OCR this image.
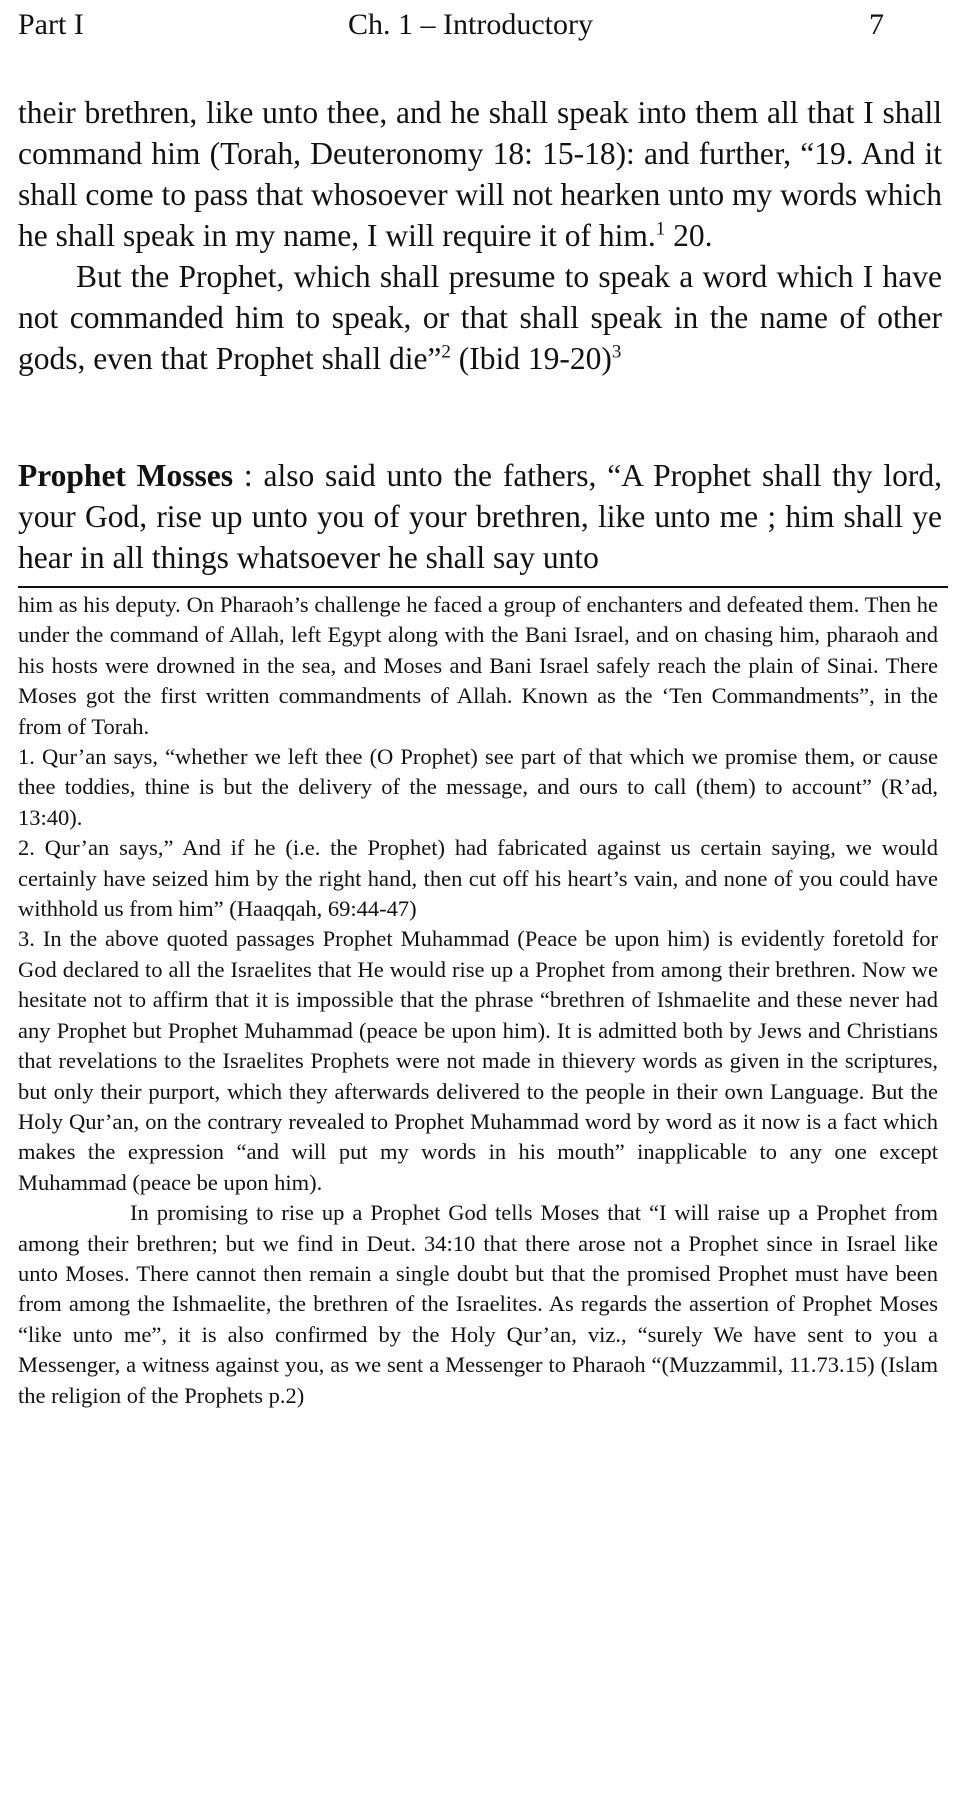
Part I	Ch. 1 – Introductory	7

their brethren, like unto thee, and he shall speak into them all that I shall command him (Torah, Deuteronomy 18: 15-18): and further, “19. And it shall come to pass that whosoever will not hearken unto my words which he shall speak in my name, I will require it of him.$^1$ 20.

But the Prophet, which shall presume to speak a word which I have not commanded him to speak, or that shall speak in the name of other gods, even that Prophet shall die”$^2$ (Ibid 19-20)$^3$

Prophet Mosses : also said unto the fathers, “A Prophet shall thy lord, your God, rise up unto you of your brethren, like unto me ; him shall ye hear in all things whatsoever he shall say unto

him as his deputy. On Pharaoh’s challenge he faced a group of enchanters and defeated them. Then he under the command of Allah, left Egypt along with the Bani Israel, and on chasing him, pharaoh and his hosts were drowned in the sea, and Moses and Bani Israel safely reach the plain of Sinai. There Moses got the first written commandments of Allah. Known as the ‘Ten Commandments”, in the from of Torah.

1. Qur’an says, “whether we left thee (O Prophet) see part of that which we promise them, or cause thee toddies, thine is but the delivery of the message, and ours to call (them) to account” (R’ad, 13:40).

2. Qur’an says,” And if he (i.e. the Prophet) had fabricated against us certain saying, we would certainly have seized him by the right hand, then cut off his heart’s vain, and none of you could have withhold us from him” (Haaqqah, 69:44-47)

3. In the above quoted passages Prophet Muhammad (Peace be upon him) is evidently foretold for God declared to all the Israelites that He would rise up a Prophet from among their brethren. Now we hesitate not to affirm that it is impossible that the phrase “brethren of Ishmaelite and these never had any Prophet but Prophet Muhammad (peace be upon him). It is admitted both by Jews and Christians that revelations to the Israelites Prophets were not made in thievery words as given in the scriptures, but only their purport, which they afterwards delivered to the people in their own Language. But the Holy Qur’an, on the contrary revealed to Prophet Muhammad word by word as it now is a fact which makes the expression “and will put my words in his mouth” inapplicable to any one except Muhammad (peace be upon him).

In promising to rise up a Prophet God tells Moses that “I will raise up a Prophet from among their brethren; but we find in Deut. 34:10 that there arose not a Prophet since in Israel like unto Moses. There cannot then remain a single doubt but that the promised Prophet must have been from among the Ishmaelite, the brethren of the Israelites. As regards the assertion of Prophet Moses “like unto me”, it is also confirmed by the Holy Qur’an, viz., “surely We have sent to you a Messenger, a witness against you, as we sent a Messenger to Pharaoh “(Muzzammil, 11.73.15) (Islam the religion of the Prophets p.2)
